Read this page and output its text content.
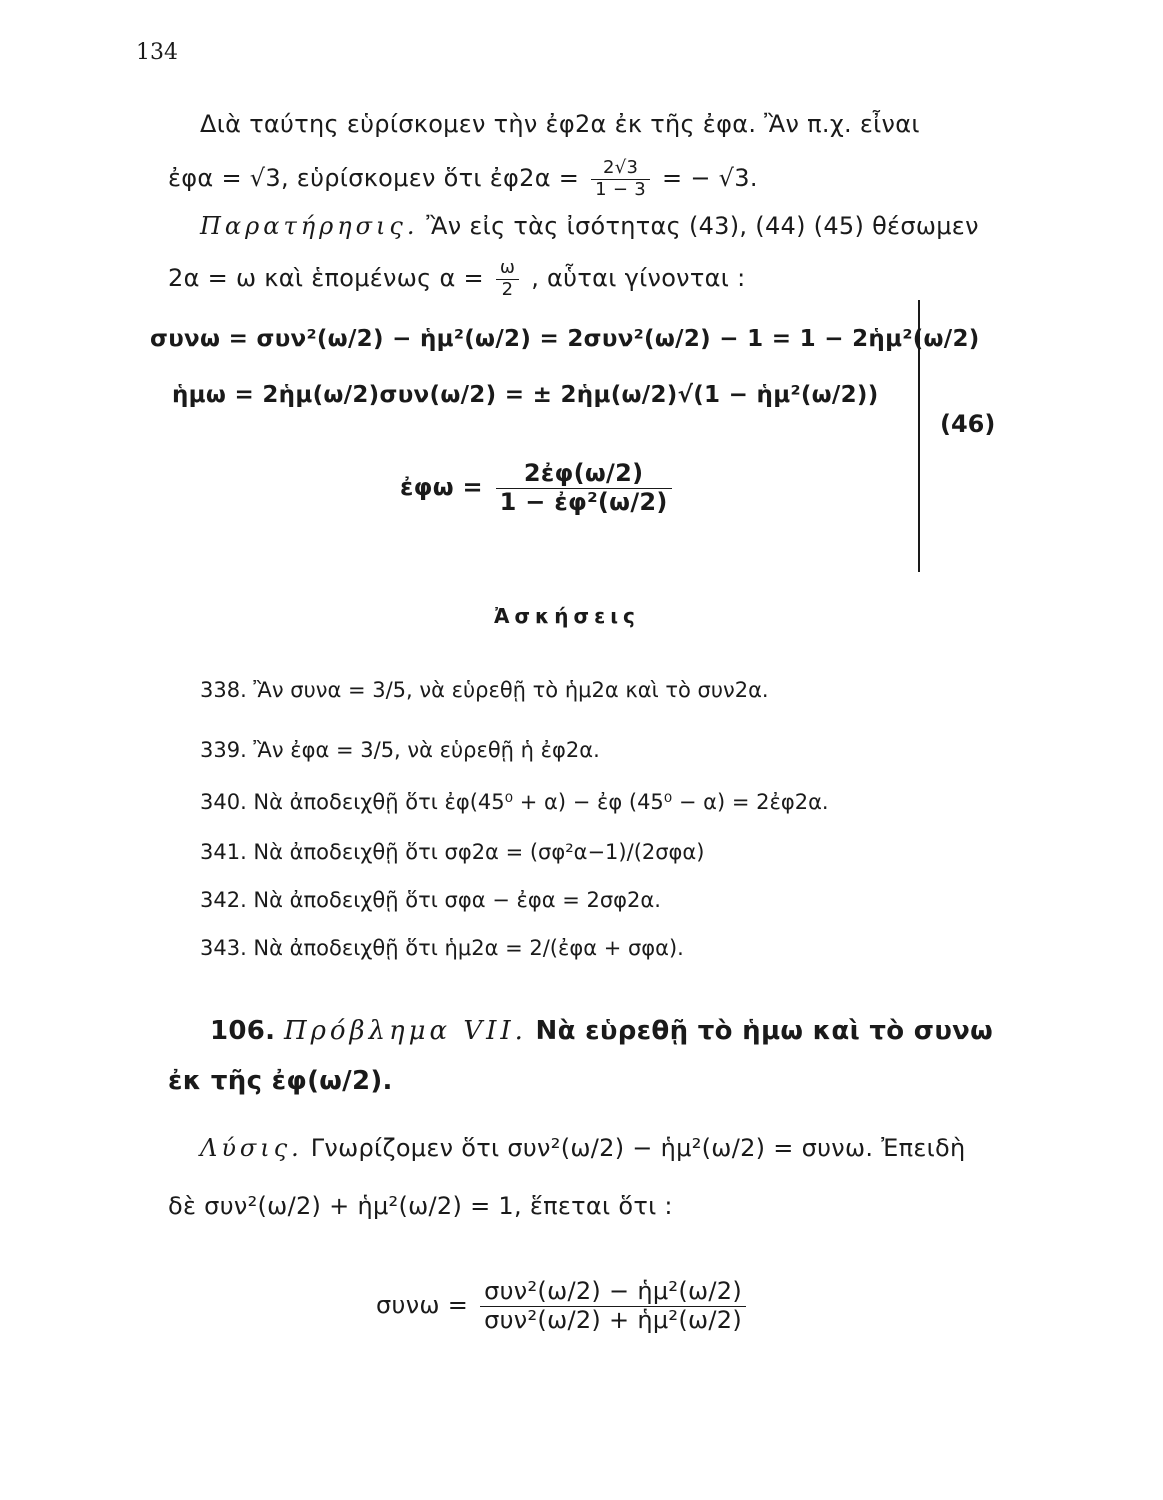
134
Διὰ ταύτης εὑρίσκομεν τὴν ἐφ2α ἐκ τῆς ἐφα. Ἂν π.χ. εἶναι
ἐφα = √3, εὑρίσκομεν ὅτι ἐφ2α = $\frac{2√3}{1 - 3}$ = − √3.
Παρατήρησις. Ἂν εἰς τὰς ἰσότητας (43), (44) (45) θέσωμεν
2α = ω καὶ ἑπομένως $\alpha = \frac{\omega}{2}$ , αὗται γίνονται :
συνω = συν²(ω/2) − ἡμ²(ω/2) = 2συν²(ω/2) − 1 = 1 − 2ἡμ²(ω/2)
ἡμω = 2ἡμ(ω/2)συν(ω/2) = ± 2ἡμ(ω/2)√(1 − ἡμ²(ω/2))
ἐφω = $\frac{\text{2ἐφ(ω/2)}}{\text{1 − ἐφ²(ω/2)}}$
(46)
Ἀσκήσεις
338. Ἂν συνα = 3/5, νὰ εὑρεθῇ τὸ ἡμ2α καὶ τὸ συν2α.
339. Ἂν ἐφα = 3/5, νὰ εὑρεθῇ ἡ ἐφ2α.
340. Νὰ ἀποδειχθῇ ὅτι ἐφ(45⁰ + α) − ἐφ (45⁰ − α) = 2ἐφ2α.
341. Νὰ ἀποδειχθῇ ὅτι σφ2α = (σφ²α−1)/(2σφα)
342. Νὰ ἀποδειχθῇ ὅτι σφα − ἐφα = 2σφ2α.
343. Νὰ ἀποδειχθῇ ὅτι ἡμ2α = 2/(ἐφα + σφα).
106. Πρόβλημα VII. Νὰ εὑρεθῇ τὸ ἡμω καὶ τὸ συνω
ἐκ τῆς ἐφ(ω/2).
Λύσις. Γνωρίζομεν ὅτι συν²(ω/2) − ἡμ²(ω/2) = συνω. Ἐπειδὴ
δὲ συν²(ω/2) + ἡμ²(ω/2) = 1, ἕπεται ὅτι :
$\sigma\upsilon\nu\omega = \frac{\text{συν²(ω/2) − ἡμ²(ω/2)}}{\text{συν²(ω/2) + ἡμ²(ω/2)}}$
